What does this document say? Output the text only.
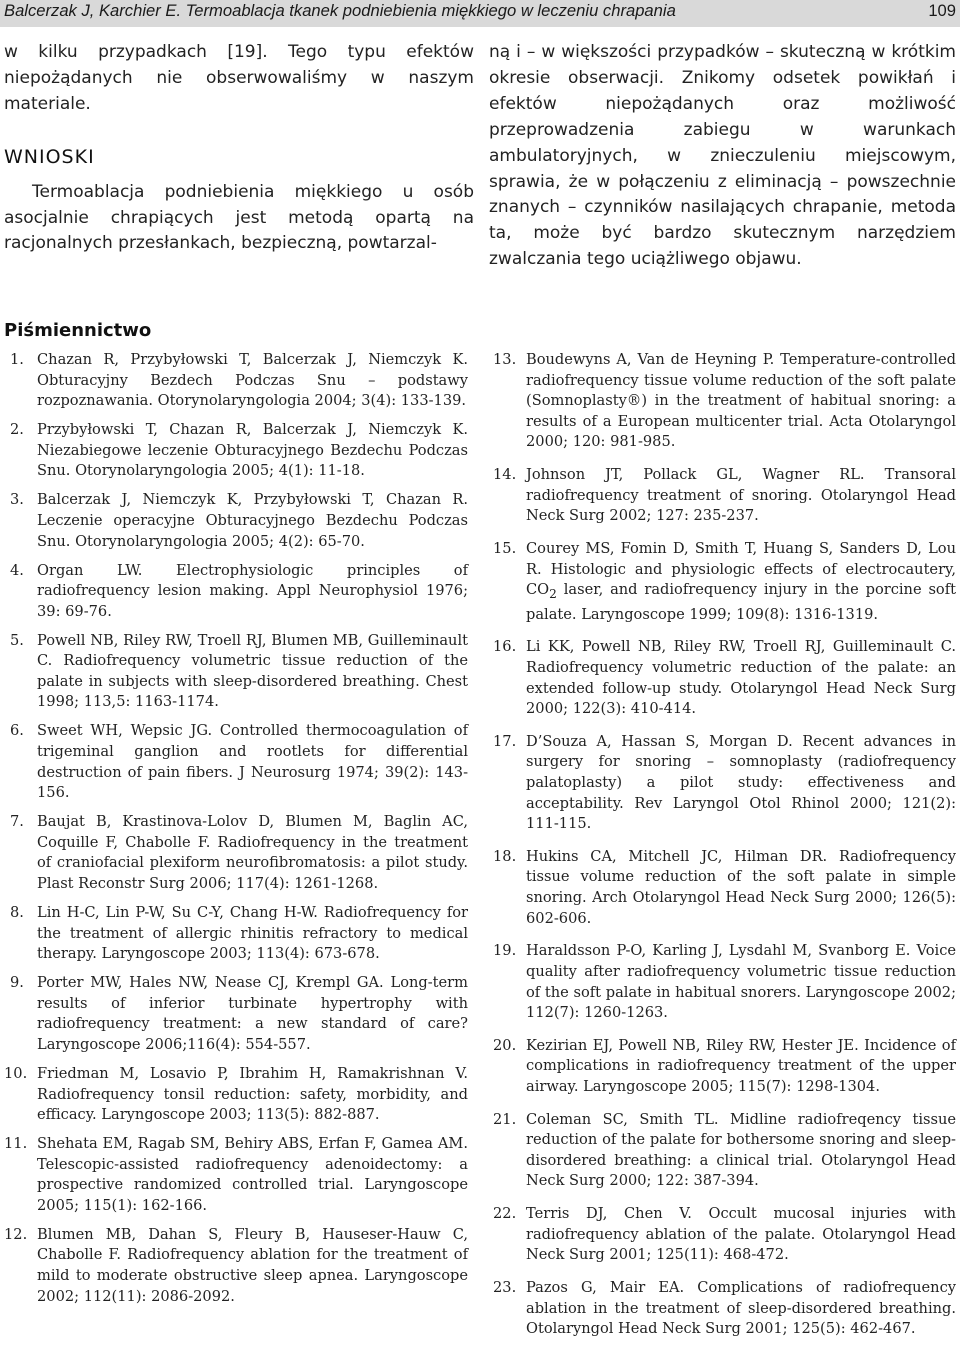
Balcerzak J, Karchier E. Termoablacja tkanek podniebienia miękkiego w leczeniu chrapania	109

w kilku przypadkach [19]. Tego typu efektów niepożądanych nie obserwowaliśmy w naszym materiale.

WNIOSKI

Termoablacja podniebienia miękkiego u osób asocjalnie chrapiących jest metodą opartą na racjonalnych przesłankach, bezpieczną, powtarzal-

ną i – w większości przypadków – skuteczną w krótkim okresie obserwacji. Znikomy odsetek powikłań i efektów niepożądanych oraz możliwość przeprowadzenia zabiegu w warunkach ambulatoryjnych, w znieczuleniu miejscowym, sprawia, że w połączeniu z eliminacją – powszechnie znanych – czynników nasilających chrapanie, metoda ta, może być bardzo skutecznym narzędziem zwalczania tego uciążliwego objawu.

Piśmiennictwo
1. Chazan R, Przybyłowski T, Balcerzak J, Niemczyk K. Obturacyjny Bezdech Podczas Snu – podstawy rozpoznawania. Otorynolaryngologia 2004; 3(4): 133-139.
2. Przybyłowski T, Chazan R, Balcerzak J, Niemczyk K. Niezabiegowe leczenie Obturacyjnego Bezdechu Podczas Snu. Otorynolaryngologia 2005; 4(1): 11-18.
3. Balcerzak J, Niemczyk K, Przybyłowski T, Chazan R. Leczenie operacyjne Obturacyjnego Bezdechu Podczas Snu. Otorynolaryngologia 2005; 4(2): 65-70.
4. Organ LW. Electrophysiologic principles of radiofrequency lesion making. Appl Neurophysiol 1976; 39: 69-76.
5. Powell NB, Riley RW, Troell RJ, Blumen MB, Guilleminault C. Radiofrequency volumetric tissue reduction of the palate in subjects with sleep-disordered breathing. Chest 1998; 113,5: 1163-1174.
6. Sweet WH, Wepsic JG. Controlled thermocoagulation of trigeminal ganglion and rootlets for differential destruction of pain fibers. J Neurosurg 1974; 39(2): 143-156.
7. Baujat B, Krastinova-Lolov D, Blumen M, Baglin AC, Coquille F, Chabolle F. Radiofrequency in the treatment of craniofacial plexiform neurofibromatosis: a pilot study. Plast Reconstr Surg 2006; 117(4): 1261-1268.
8. Lin H-C, Lin P-W, Su C-Y, Chang H-W. Radiofrequency for the treatment of allergic rhinitis refractory to medical therapy. Laryngoscope 2003; 113(4): 673-678.
9. Porter MW, Hales NW, Nease CJ, Krempl GA. Long-term results of inferior turbinate hypertrophy with radiofrequency treatment: a new standard of care? Laryngoscope 2006;116(4): 554-557.
10. Friedman M, Losavio P, Ibrahim H, Ramakrishnan V. Radiofrequency tonsil reduction: safety, morbidity, and efficacy. Laryngoscope 2003; 113(5): 882-887.
11. Shehata EM, Ragab SM, Behiry ABS, Erfan F, Gamea AM. Telescopic-assisted radiofrequency adenoidectomy: a prospective randomized controlled trial. Laryngoscope 2005; 115(1): 162-166.
12. Blumen MB, Dahan S, Fleury B, Hauseser-Hauw C, Chabolle F. Radiofrequency ablation for the treatment of mild to moderate obstructive sleep apnea. Laryngoscope 2002; 112(11): 2086-2092.
13. Boudewyns A, Van de Heyning P. Temperature-controlled radiofrequency tissue volume reduction of the soft palate (Somnoplasty®) in the treatment of habitual snoring: a results of a European multicenter trial. Acta Otolaryngol 2000; 120: 981-985.
14. Johnson JT, Pollack GL, Wagner RL. Transoral radiofrequency treatment of snoring. Otolaryngol Head Neck Surg 2002; 127: 235-237.
15. Courey MS, Fomin D, Smith T, Huang S, Sanders D, Lou R. Histologic and physiologic effects of electrocautery, $CO_2$ laser, and radiofrequency injury in the porcine soft palate. Laryngoscope 1999; 109(8): 1316-1319.
16. Li KK, Powell NB, Riley RW, Troell RJ, Guilleminault C. Radiofrequency volumetric reduction of the palate: an extended follow-up study. Otolaryngol Head Neck Surg 2000; 122(3): 410-414.
17. D’Souza A, Hassan S, Morgan D. Recent advances in surgery for snoring – somnoplasty (radiofrequency palatoplasty) a pilot study: effectiveness and acceptability. Rev Laryngol Otol Rhinol 2000; 121(2): 111-115.
18. Hukins CA, Mitchell JC, Hilman DR. Radiofrequency tissue volume reduction of the soft palate in simple snoring. Arch Otolaryngol Head Neck Surg 2000; 126(5): 602-606.
19. Haraldsson P-O, Karling J, Lysdahl M, Svanborg E. Voice quality after radiofrequency volumetric tissue reduction of the soft palate in habitual snorers. Laryngoscope 2002; 112(7): 1260-1263.
20. Kezirian EJ, Powell NB, Riley RW, Hester JE. Incidence of complications in radiofrequency treatment of the upper airway. Laryngoscope 2005; 115(7): 1298-1304.
21. Coleman SC, Smith TL. Midline radiofreqency tissue reduction of the palate for bothersome snoring and sleep-disordered breathing: a clinical trial. Otolaryngol Head Neck Surg 2000; 122: 387-394.
22. Terris DJ, Chen V. Occult mucosal injuries with radiofrequency ablation of the palate. Otolaryngol Head Neck Surg 2001; 125(11): 468-472.
23. Pazos G, Mair EA. Complications of radiofrequency ablation in the treatment of sleep-disordered breathing. Otolaryngol Head Neck Surg 2001; 125(5): 462-467.
